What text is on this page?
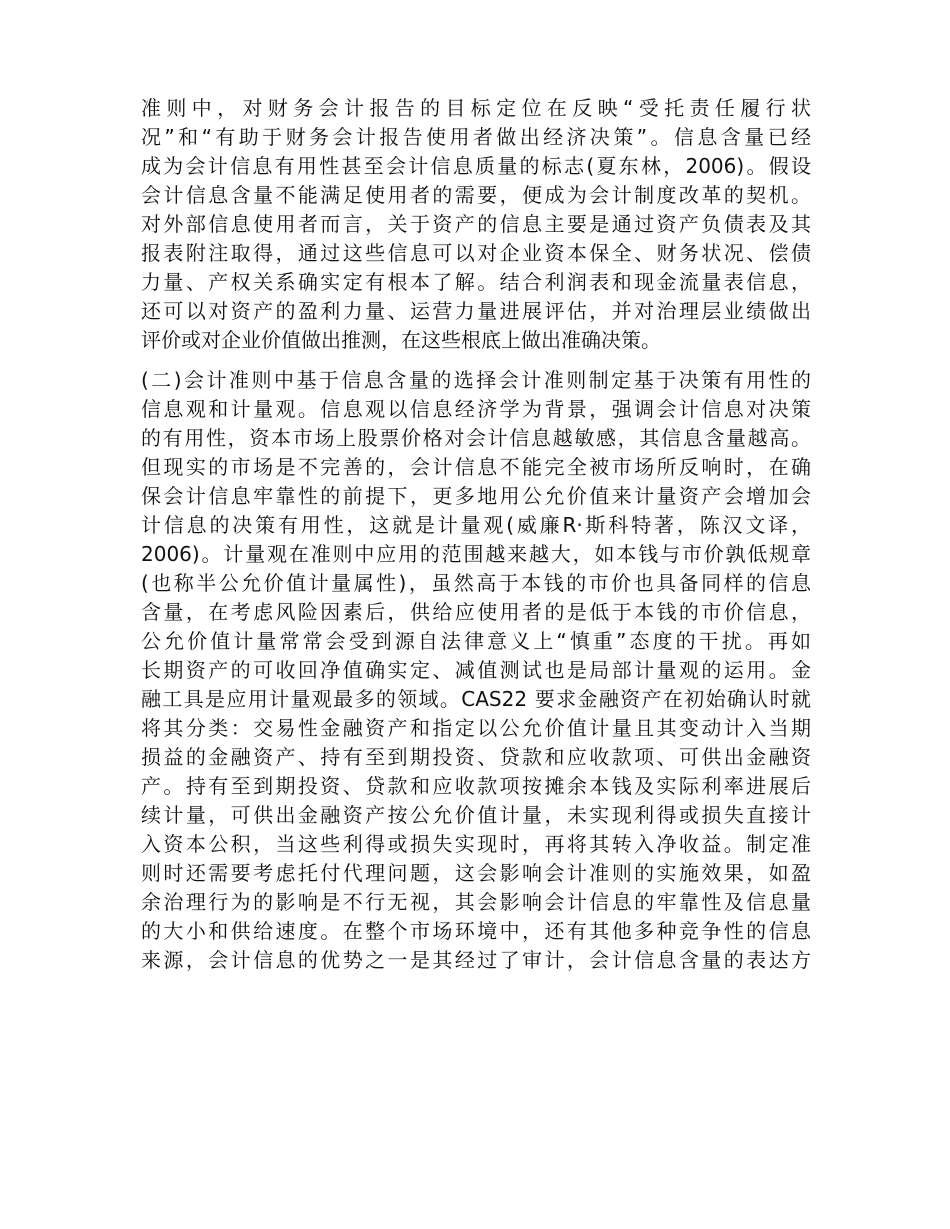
准则中，对财务会计报告的目标定位在反映“受托责任履行状
况”和“有助于财务会计报告使用者做出经济决策”。信息含量已经
成为会计信息有用性甚至会计信息质量的标志(夏东林，2006)。假设
会计信息含量不能满足使用者的需要，便成为会计制度改革的契机。
对外部信息使用者而言，关于资产的信息主要是通过资产负债表及其
报表附注取得，通过这些信息可以对企业资本保全、财务状况、偿债
力量、产权关系确实定有根本了解。结合利润表和现金流量表信息，
还可以对资产的盈利力量、运营力量进展评估，并对治理层业绩做出
评价或对企业价值做出推测，在这些根底上做出准确决策。
(二)会计准则中基于信息含量的选择会计准则制定基于决策有用性的
信息观和计量观。信息观以信息经济学为背景，强调会计信息对决策
的有用性，资本市场上股票价格对会计信息越敏感，其信息含量越高。
但现实的市场是不完善的，会计信息不能完全被市场所反响时，在确
保会计信息牢靠性的前提下，更多地用公允价值来计量资产会增加会
计信息的决策有用性，这就是计量观(威廉R·斯科特著，陈汉文译，
2006)。计量观在准则中应用的范围越来越大，如本钱与市价孰低规章
(也称半公允价值计量属性)，虽然高于本钱的市价也具备同样的信息
含量，在考虑风险因素后，供给应使用者的是低于本钱的市价信息，
公允价值计量常常会受到源自法律意义上“慎重”态度的干扰。再如
长期资产的可收回净值确实定、减值测试也是局部计量观的运用。金
融工具是应用计量观最多的领域。CAS22 要求金融资产在初始确认时就
将其分类：交易性金融资产和指定以公允价值计量且其变动计入当期
损益的金融资产、持有至到期投资、贷款和应收款项、可供出金融资
产。持有至到期投资、贷款和应收款项按摊余本钱及实际利率进展后
续计量，可供出金融资产按公允价值计量，未实现利得或损失直接计
入资本公积，当这些利得或损失实现时，再将其转入净收益。制定准
则时还需要考虑托付代理问题，这会影响会计准则的实施效果，如盈
余治理行为的影响是不行无视，其会影响会计信息的牢靠性及信息量
的大小和供给速度。在整个市场环境中，还有其他多种竞争性的信息
来源，会计信息的优势之一是其经过了审计，会计信息含量的表达方
